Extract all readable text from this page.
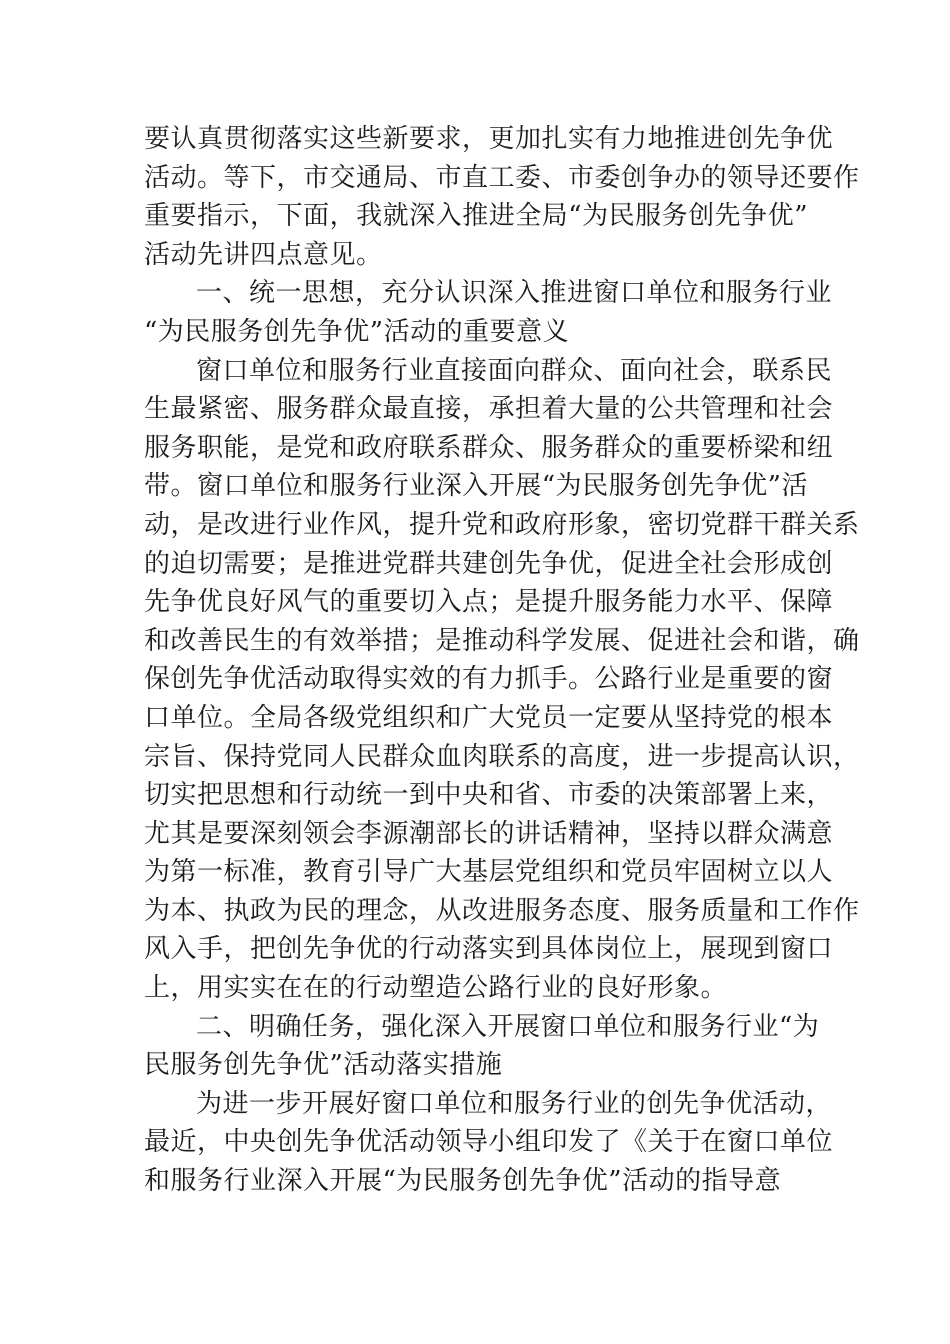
要认真贯彻落实这些新要求，更加扎实有力地推进创先争优
活动。等下，市交通局、市直工委、市委创争办的领导还要作
重要指示，下面，我就深入推进全局“为民服务创先争优”
活动先讲四点意见。
一、统一思想，充分认识深入推进窗口单位和服务行业
“为民服务创先争优”活动的重要意义
窗口单位和服务行业直接面向群众、面向社会，联系民
生最紧密、服务群众最直接，承担着大量的公共管理和社会
服务职能，是党和政府联系群众、服务群众的重要桥梁和纽
带。窗口单位和服务行业深入开展“为民服务创先争优”活
动，是改进行业作风，提升党和政府形象，密切党群干群关系
的迫切需要；是推进党群共建创先争优，促进全社会形成创
先争优良好风气的重要切入点；是提升服务能力水平、保障
和改善民生的有效举措；是推动科学发展、促进社会和谐，确
保创先争优活动取得实效的有力抓手。公路行业是重要的窗
口单位。全局各级党组织和广大党员一定要从坚持党的根本
宗旨、保持党同人民群众血肉联系的高度，进一步提高认识，
切实把思想和行动统一到中央和省、市委的决策部署上来，
尤其是要深刻领会李源潮部长的讲话精神，坚持以群众满意
为第一标准，教育引导广大基层党组织和党员牢固树立以人
为本、执政为民的理念，从改进服务态度、服务质量和工作作
风入手，把创先争优的行动落实到具体岗位上，展现到窗口
上，用实实在在的行动塑造公路行业的良好形象。
二、明确任务，强化深入开展窗口单位和服务行业“为
民服务创先争优”活动落实措施
为进一步开展好窗口单位和服务行业的创先争优活动，
最近，中央创先争优活动领导小组印发了《关于在窗口单位
和服务行业深入开展“为民服务创先争优”活动的指导意
